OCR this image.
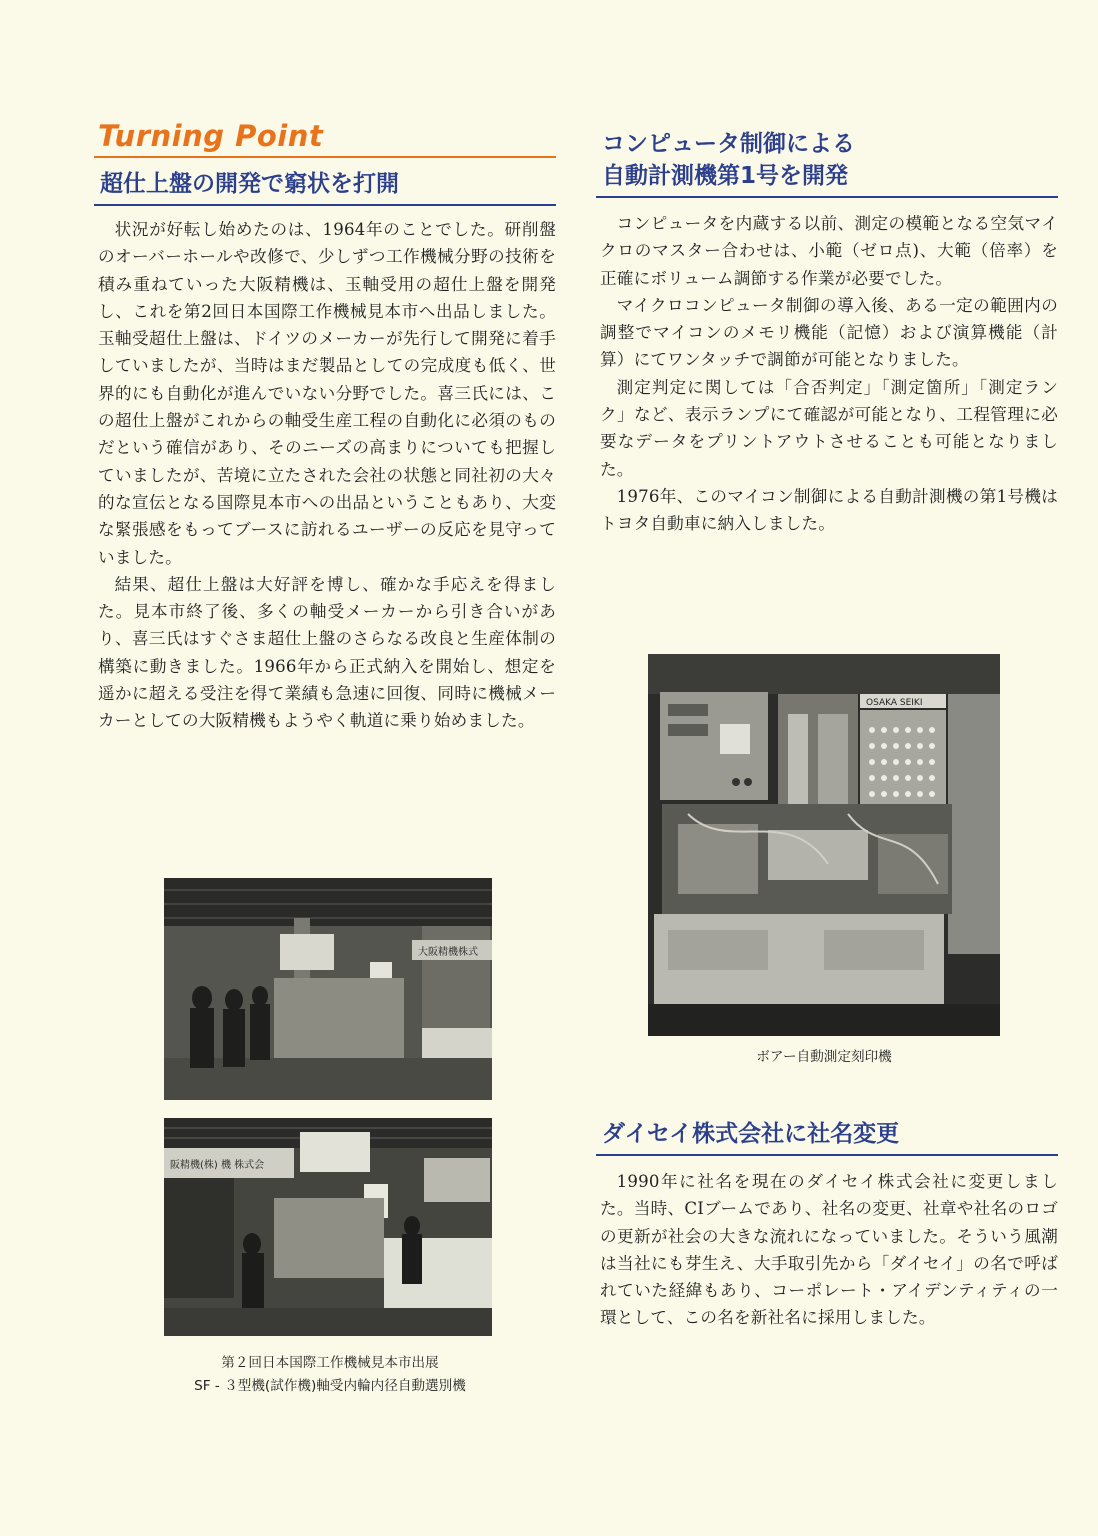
Turning Point
超仕上盤の開発で窮状を打開

状況が好転し始めたのは、1964年のことでした。研削盤のオーバーホールや改修で、少しずつ工作機械分野の技術を積み重ねていった大阪精機は、玉軸受用の超仕上盤を開発し、これを第2回日本国際工作機械見本市へ出品しました。玉軸受超仕上盤は、ドイツのメーカーが先行して開発に着手していましたが、当時はまだ製品としての完成度も低く、世界的にも自動化が進んでいない分野でした。喜三氏には、この超仕上盤がこれからの軸受生産工程の自動化に必須のものだという確信があり、そのニーズの高まりについても把握していましたが、苦境に立たされた会社の状態と同社初の大々的な宣伝となる国際見本市への出品ということもあり、大変な緊張感をもってブースに訪れるユーザーの反応を見守っていました。

結果、超仕上盤は大好評を博し、確かな手応えを得ました。見本市終了後、多くの軸受メーカーから引き合いがあり、喜三氏はすぐさま超仕上盤のさらなる改良と生産体制の構築に動きました。1966年から正式納入を開始し、想定を遥かに超える受注を得て業績も急速に回復、同時に機械メーカーとしての大阪精機もようやく軌道に乗り始めました。

大阪精機株式
阪精機(株) 機 株式会
第２回日本国際工作機械見本市出展
SF - ３型機(試作機)軸受内輪内径自動選別機
コンピュータ制御による
自動計測機第1号を開発

コンピュータを内蔵する以前、測定の模範となる空気マイクロのマスター合わせは、小範（ゼロ点)、大範（倍率）を正確にボリューム調節する作業が必要でした。

マイクロコンピュータ制御の導入後、ある一定の範囲内の調整でマイコンのメモリ機能（記憶）および演算機能（計算）にてワンタッチで調節が可能となりました。

測定判定に関しては「合否判定」「測定箇所」「測定ランク」など、表示ランプにて確認が可能となり、工程管理に必要なデータをプリントアウトさせることも可能となりました。

1976年、このマイコン制御による自動計測機の第1号機はトヨタ自動車に納入しました。

OSAKA SEIKI
ボアー自動測定刻印機
ダイセイ株式会社に社名変更

1990年に社名を現在のダイセイ株式会社に変更しました。当時、CIブームであり、社名の変更、社章や社名のロゴの更新が社会の大きな流れになっていました。そういう風潮は当社にも芽生え、大手取引先から「ダイセイ」の名で呼ばれていた経緯もあり、コーポレート・アイデンティティの一環として、この名を新社名に採用しました。
